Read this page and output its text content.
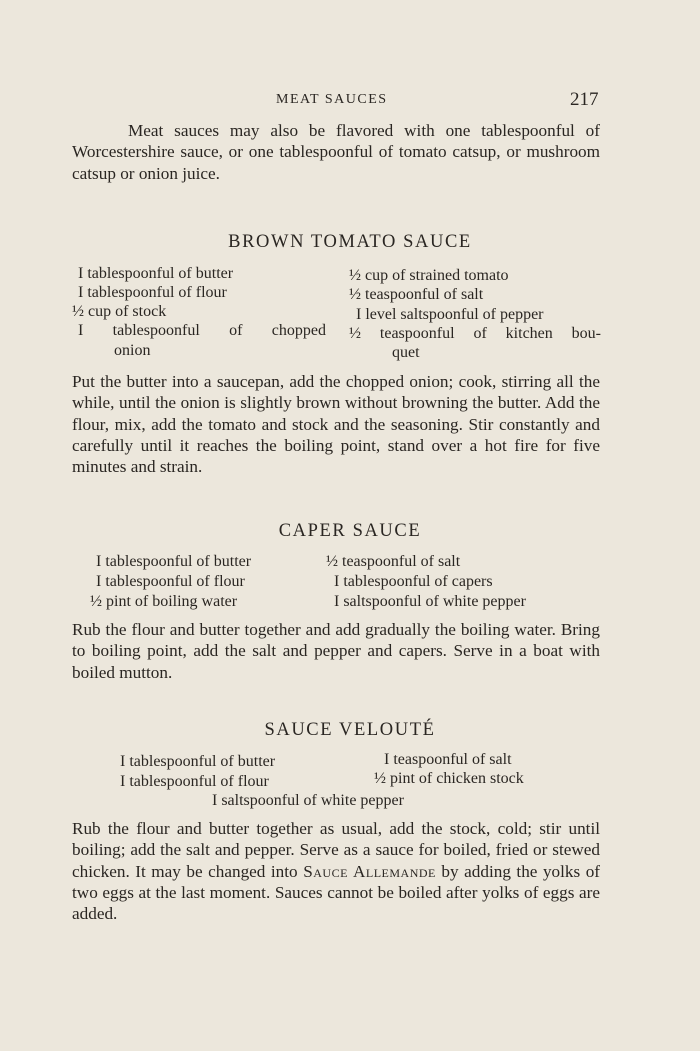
MEAT SAUCES	217

Meat sauces may also be flavored with one tablespoonful of Worcestershire sauce, or one tablespoonful of tomato catsup, or mushroom catsup or onion juice.

BROWN TOMATO SAUCE
I tablespoonful of butter
I tablespoonful of flour
½ cup of stock
I tablespoonful of chopped
onion
½ cup of strained tomato
½ teaspoonful of salt
I level saltspoonful of pepper
½ teaspoonful of kitchen bou-
quet

Put the butter into a saucepan, add the chopped onion; cook, stirring all the while, until the onion is slightly brown without browning the butter. Add the flour, mix, add the tomato and stock and the seasoning. Stir constantly and carefully until it reaches the boiling point, stand over a hot fire for five minutes and strain.

CAPER SAUCE
I tablespoonful of butter
I tablespoonful of flour
½ pint of boiling water
½ teaspoonful of salt
I tablespoonful of capers
I saltspoonful of white pepper

Rub the flour and butter together and add gradually the boiling water. Bring to boiling point, add the salt and pepper and capers. Serve in a boat with boiled mutton.

SAUCE VELOUTÉ
I tablespoonful of butter
I tablespoonful of flour
I teaspoonful of salt
½ pint of chicken stock
I saltspoonful of white pepper

Rub the flour and butter together as usual, add the stock, cold; stir until boiling; add the salt and pepper. Serve as a sauce for boiled, fried or stewed chicken. It may be changed into Sauce Allemande by adding the yolks of two eggs at the last moment. Sauces cannot be boiled after yolks of eggs are added.
